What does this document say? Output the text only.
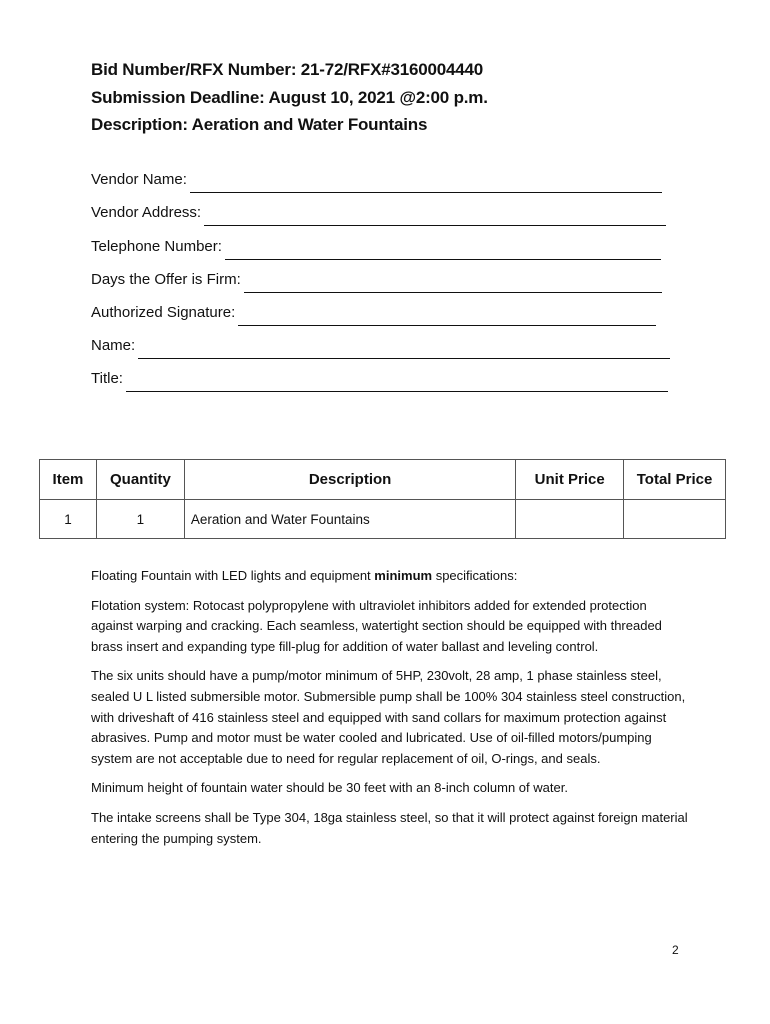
Bid Number/RFX Number: 21-72/RFX#3160004440
Submission Deadline: August 10, 2021 @2:00 p.m.
Description: Aeration and Water Fountains
Vendor Name:
Vendor Address:
Telephone Number:
Days the Offer is Firm:
Authorized Signature:
Name:
Title:
Item	Quantity	Description	Unit Price	Total Price
1	1	Aeration and Water Fountains		

Floating Fountain with LED lights and equipment minimum specifications:

Flotation system: Rotocast polypropylene with ultraviolet inhibitors added for extended protection against warping and cracking. Each seamless, watertight section should be equipped with threaded brass insert and expanding type fill-plug for addition of water ballast and leveling control.

The six units should have a pump/motor minimum of 5HP, 230volt, 28 amp, 1 phase stainless steel, sealed U L listed submersible motor. Submersible pump shall be 100% 304 stainless steel construction, with driveshaft of 416 stainless steel and equipped with sand collars for maximum protection against abrasives. Pump and motor must be water cooled and lubricated. Use of oil-filled motors/pumping system are not acceptable due to need for regular replacement of oil, O-rings, and seals.

Minimum height of fountain water should be 30 feet with an 8-inch column of water.

The intake screens shall be Type 304, 18ga stainless steel, so that it will protect against foreign material entering the pumping system.

2
